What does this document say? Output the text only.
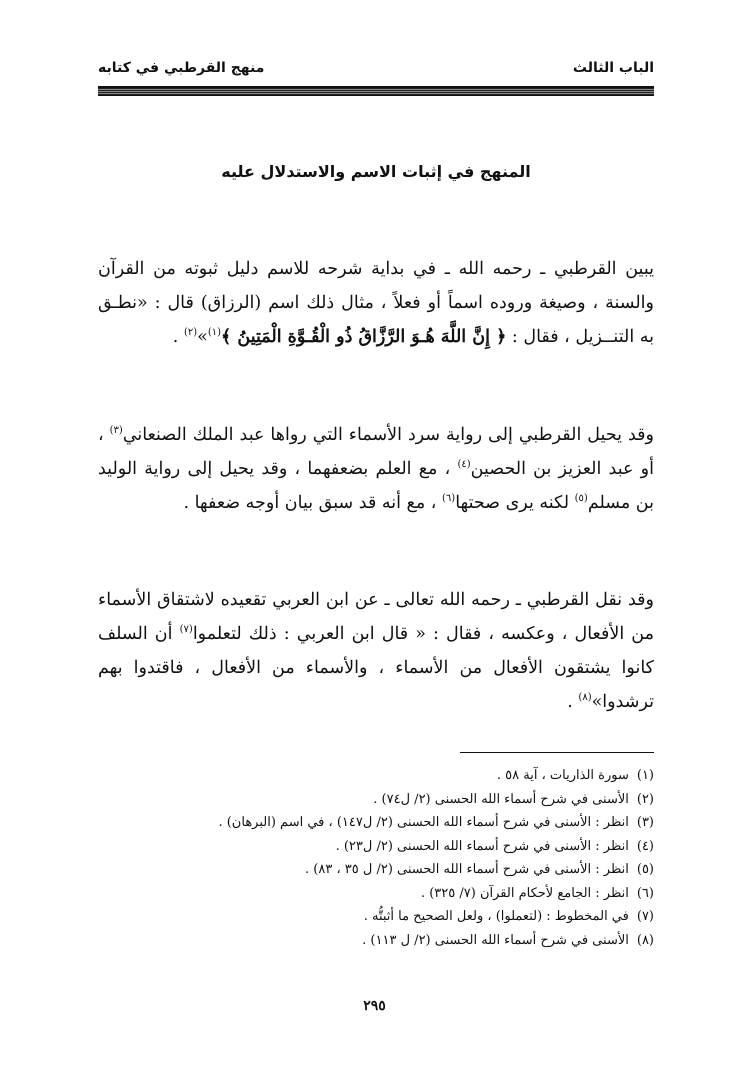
الباب الثالث
منهج القرطبي في كتابه
المنهج في إثبات الاسم والاستدلال عليه

يبين القرطبي ـ رحمه الله ـ في بداية شرحه للاسم دليل ثبوته من القرآن والسنة ، وصيغة وروده اسماً أو فعلاً ، مثال ذلك اسم (الرزاق) قال : «نطـق به التنــزيل ، فقال : ﴿ إِنَّ اللَّهَ هُـوَ الرَّزَّاقُ ذُو الْقُـوَّةِ الْمَتِينُ ﴾$^{(١)}$»$^{(٢)}$ .

وقد يحيل القرطبي إلى رواية سرد الأسماء التي رواها عبد الملك الصنعاني$^{(٣)}$ ، أو عبد العزيز بن الحصين$^{(٤)}$ ، مع العلم بضعفهما ، وقد يحيل إلى رواية الوليد بن مسلم$^{(٥)}$ لكنه يرى صحتها$^{(٦)}$ ، مع أنه قد سبق بيان أوجه ضعفها .

وقد نقل القرطبي ـ رحمه الله تعالى ـ عن ابن العربي تقعيده لاشتقاق الأسماء من الأفعال ، وعكسه ، فقال : « قال ابن العربي : ذلك لتعلموا$^{(٧)}$ أن السلف كانوا يشتقون الأفعال من الأسماء ، والأسماء من الأفعال ، فاقتدوا بهم ترشدوا»$^{(٨)}$ .

(١)
سورة الذاريات ، آية ٥٨ .
(٢)
الأسنى في شرح أسماء الله الحسنى (٢/ ل٧٤) .
(٣)
انظر : الأسنى في شرح أسماء الله الحسنى (٢/ ل١٤٧) ، في اسم (البرهان) .
(٤)
انظر : الأسنى في شرح أسماء الله الحسنى (٢/ ل٢٣) .
(٥)
انظر : الأسنى في شرح أسماء الله الحسنى (٢/ ل ٣٥ ، ٨٣) .
(٦)
انظر : الجامع لأحكام القرآن (٧/ ٣٢٥) .
(٧)
في المخطوط : (لتعملوا) ، ولعل الصحيح ما أثبتُّه .
(٨)
الأسنى في شرح أسماء الله الحسنى (٢/ ل ١١٣) .
٢٩٥
